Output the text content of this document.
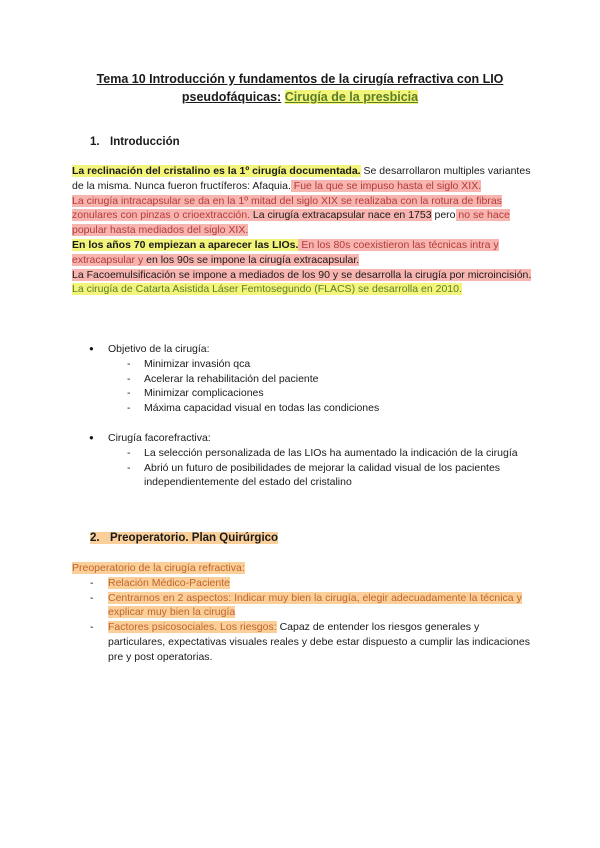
Tema 10 Introducción y fundamentos de la cirugía refractiva con LIO
pseudofáquicas: Cirugía de la presbicia
1. Introducción

La reclinación del cristalino es la 1º cirugía documentada. Se desarrollaron multiples variantes de la misma. Nunca fueron fructíferos: Afaquia. Fue la que se impuso hasta el siglo XIX.

La cirugía intracapsular se da en la 1º mitad del siglo XIX se realizaba con la rotura de fibras zonulares con pinzas o crioextracción. La cirugía extracapsular nace en 1753 pero no se hace popular hasta mediados del siglo XIX.

En los años 70 empiezan a aparecer las LIOs. En los 80s coexistieron las técnicas intra y extracapsular y en los 90s se impone la cirugía extracapsular.

La Facoemulsificación se impone a mediados de los 90 y se desarrolla la cirugía por microincisión.

La cirugía de Catarta Asistida Láser Femtosegundo (FLACS) se desarrolla en 2010.

● Objetivo de la cirugía:
- Minimizar invasión qca
- Acelerar la rehabilitación del paciente
- Minimizar complicaciones
- Máxima capacidad visual en todas las condiciones
● Cirugía facorefractiva:
- La selección personalizada de las LIOs ha aumentado la indicación de la cirugía
- Abrió un futuro de posibilidades de mejorar la calidad visual de los pacientes independientemente del estado del cristalino
2. Preoperatorio. Plan Quirúrgico
Preoperatorio de la cirugía refractiva:
- Relación Médico-Paciente
- Centrarnos en 2 aspectos: Indicar muy bien la cirugía, elegir adecuadamente la técnica y explicar muy bien la cirugía
- Factores psicosociales. Los riesgos: Capaz de entender los riesgos generales y particulares, expectativas visuales reales y debe estar dispuesto a cumplir las indicaciones pre y post operatorias.
